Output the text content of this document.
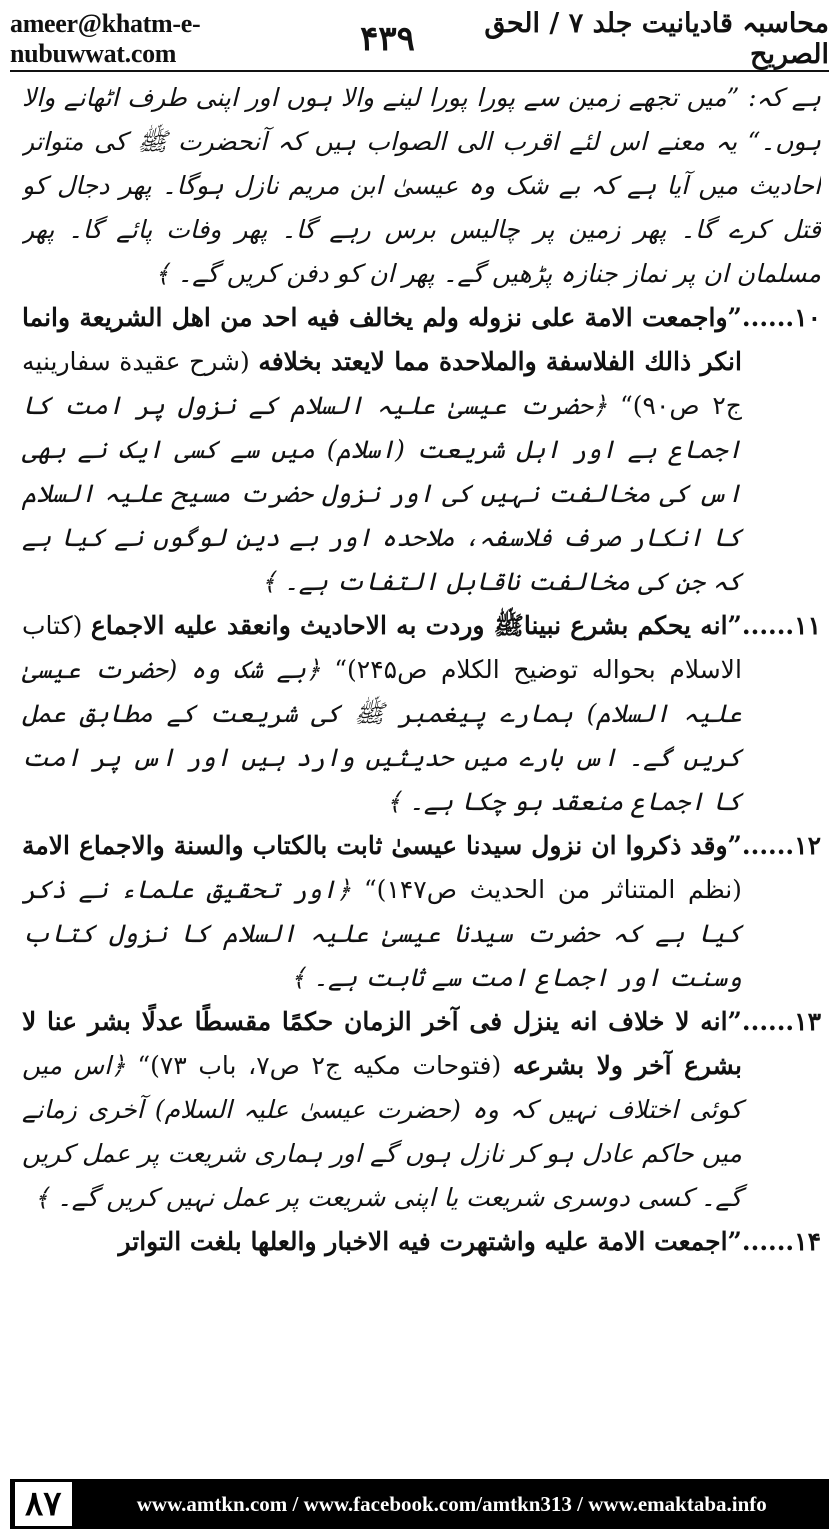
ameer@khatm-e-nubuwwat.com	۴۳۹	محاسبہ قادیانیت جلد ۷ / الحق الصریح

ہے کہ: ”میں تجھے زمین سے پورا پورا لینے والا ہوں اور اپنی طرف اٹھانے والا ہوں۔“ یہ معنے اس لئے اقرب الی الصواب ہیں کہ آنحضرت ﷺ کی متواتر احادیث میں آیا ہے کہ بے شک وہ عیسیٰ ابن مریم نازل ہوگا۔ پھر دجال کو قتل کرے گا۔ پھر زمین پر چالیس برس رہے گا۔ پھر وفات پائے گا۔ پھر مسلمان ان پر نماز جنازہ پڑھیں گے۔ پھر ان کو دفن کریں گے۔ ﴾

۱۰......

”واجمعت الامة على نزوله ولم يخالف فيه احد من اهل الشريعة وانما انكر ذالك الفلاسفة والملاحدة مما لايعتد بخلافه (شرح عقيدة سفارينيه ج۲ ص۹۰)“ ﴿حضرت عیسیٰ علیہ السلام کے نزول پر امت کا اجماع ہے اور اہل شریعت (اسلام) میں سے کسی ایک نے بھی اس کی مخالفت نہیں کی اور نزول حضرت مسیح علیہ السلام کا انکار صرف فلاسفہ، ملاحدہ اور بے دین لوگوں نے کیا ہے کہ جن کی مخالفت ناقابل التفات ہے۔ ﴾

۱۱......

”انه يحكم بشرع نبيناﷺ وردت به الاحاديث وانعقد عليه الاجماع (كتاب الاسلام بحواله توضيح الكلام ص۲۴۵)“ ﴿بے شک وہ (حضرت عیسیٰ علیہ السلام) ہمارے پیغمبر ﷺ کی شریعت کے مطابق عمل کریں گے۔ اس بارے میں حدیثیں وارد ہیں اور اس پر امت کا اجماع منعقد ہو چکا ہے۔ ﴾

۱۲......

”وقد ذكروا ان نزول سيدنا عيسىٰ ثابت بالكتاب والسنة والاجماع الامة (نظم المتناثر من الحديث ص۱۴۷)“ ﴿اور تحقیق علماء نے ذکر کیا ہے کہ حضرت سیدنا عیسیٰ علیہ السلام کا نزول کتاب وسنت اور اجماع امت سے ثابت ہے۔ ﴾

۱۳......

”انه لا خلاف انه ينزل فى آخر الزمان حكمًا مقسطًا عدلًا بشر عنا لا بشرع آخر ولا بشرعه (فتوحات مكيه ج۲ ص۷، باب ۷۳)“ ﴿اس میں کوئی اختلاف نہیں کہ وہ (حضرت عیسیٰ علیہ السلام) آخری زمانے میں حاکم عادل ہو کر نازل ہوں گے اور ہماری شریعت پر عمل کریں گے۔ کسی دوسری شریعت یا اپنی شریعت پر عمل نہیں کریں گے۔ ﴾

۱۴......

”اجمعت الامة عليه واشتهرت فيه الاخبار والعلها بلغت التواتر

۸۷	www.amtkn.com / www.facebook.com/amtkn313 / www.emaktaba.info
